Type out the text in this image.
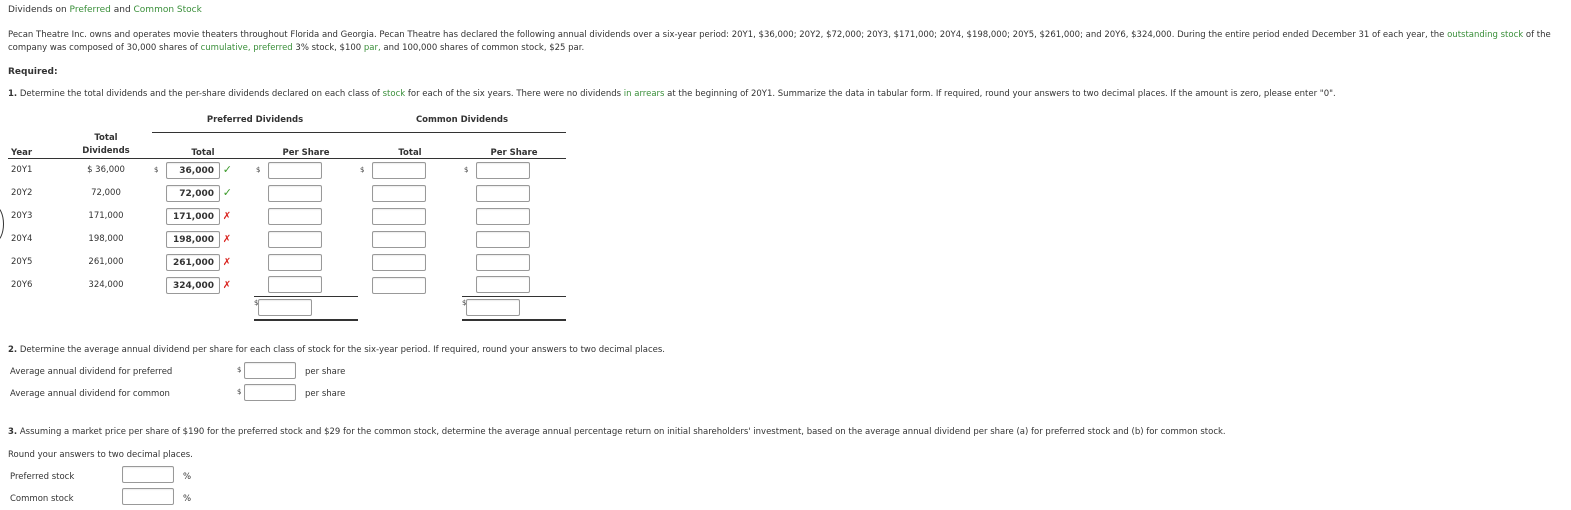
Dividends on Preferred and Common Stock
Pecan Theatre Inc. owns and operates movie theaters throughout Florida and Georgia. Pecan Theatre has declared the following annual dividends over a six-year period: 20Y1, $36,000; 20Y2, $72,000; 20Y3, $171,000; 20Y4, $198,000; 20Y5, $261,000; and 20Y6, $324,000. During the entire period ended December 31 of each year, the outstanding stock of the company was composed of 30,000 shares of cumulative, preferred 3% stock, $100 par, and 100,000 shares of common stock, $25 par.
Required:
1. Determine the total dividends and the per-share dividends declared on each class of stock for each of the six years. There were no dividends in arrears at the beginning of 20Y1. Summarize the data in tabular form. If required, round your answers to two decimal places. If the amount is zero, please enter "0".
		Preferred Dividends				Common Dividends			
Year	Total
Dividends	Total		Per Share		Total		Per Share	
20Y1	$ 36,000	$	36,000 ✓	$		$		$	
20Y2	72,000		72,000 ✓						
20Y3	171,000		171,000 ✗						
20Y4	198,000		198,000 ✗						
20Y5	261,000		261,000 ✗						
20Y6	324,000		324,000 ✗						
				$				$
2. Determine the average annual dividend per share for each class of stock for the six-year period. If required, round your answers to two decimal places.
Average annual dividend for preferred	$	per share
Average annual dividend for common	$	per share
3. Assuming a market price per share of $190 for the preferred stock and $29 for the common stock, determine the average annual percentage return on initial shareholders' investment, based on the average annual dividend per share (a) for preferred stock and (b) for common stock.
Round your answers to two decimal places.
Preferred stock	%
Common stock	%
